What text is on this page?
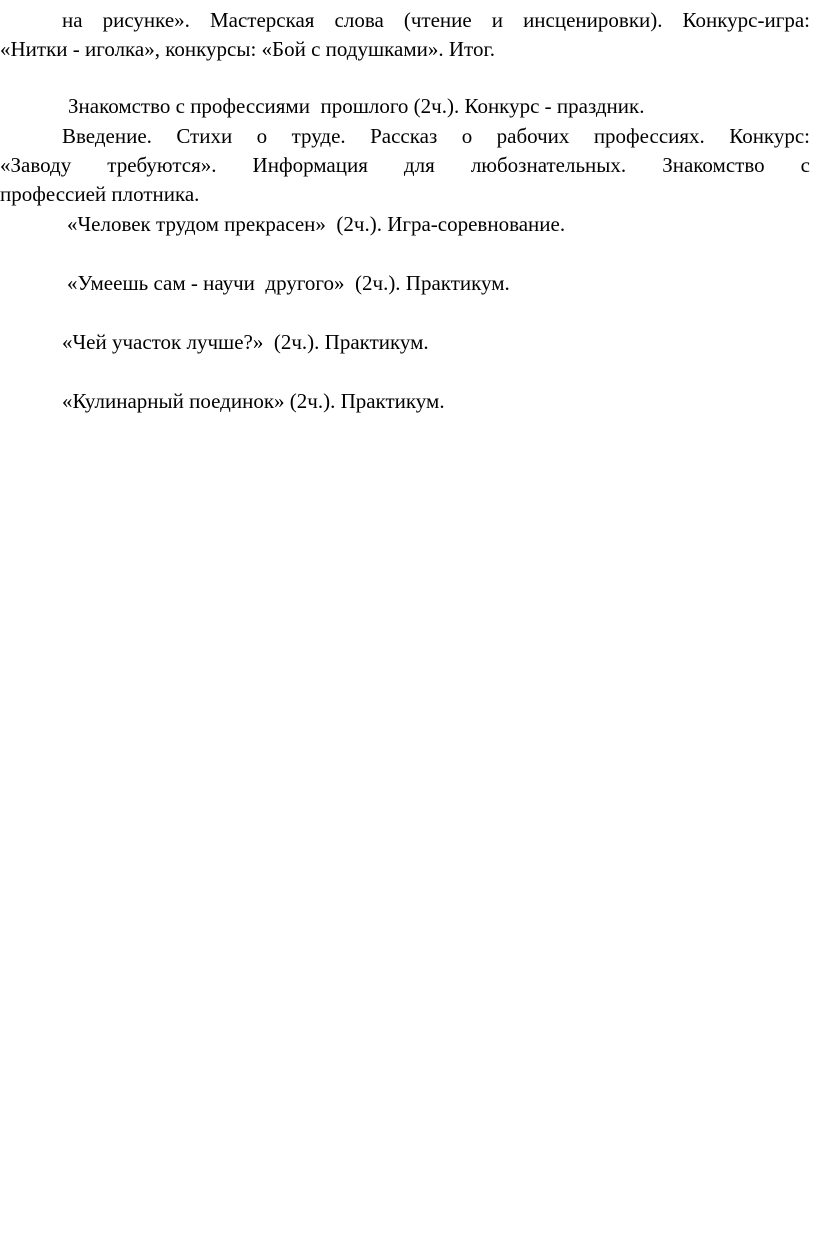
на рисунке». Мастерская слова (чтение и инсценировки). Конкурс-игра:
«Нитки - иголка», конкурсы: «Бой с подушками». Итог.
Знакомство с профессиями  прошлого (2ч.). Конкурс - праздник.
Введение. Стихи о труде. Рассказ о рабочих профессиях. Конкурс:
«Заводу требуются». Информация для любознательных. Знакомство с
профессией плотника.
«Человек трудом прекрасен»  (2ч.). Игра-соревнование.
«Умеешь сам - научи  другого»  (2ч.). Практикум.
«Чей участок лучше?»  (2ч.). Практикум.
«Кулинарный поединок» (2ч.). Практикум.
